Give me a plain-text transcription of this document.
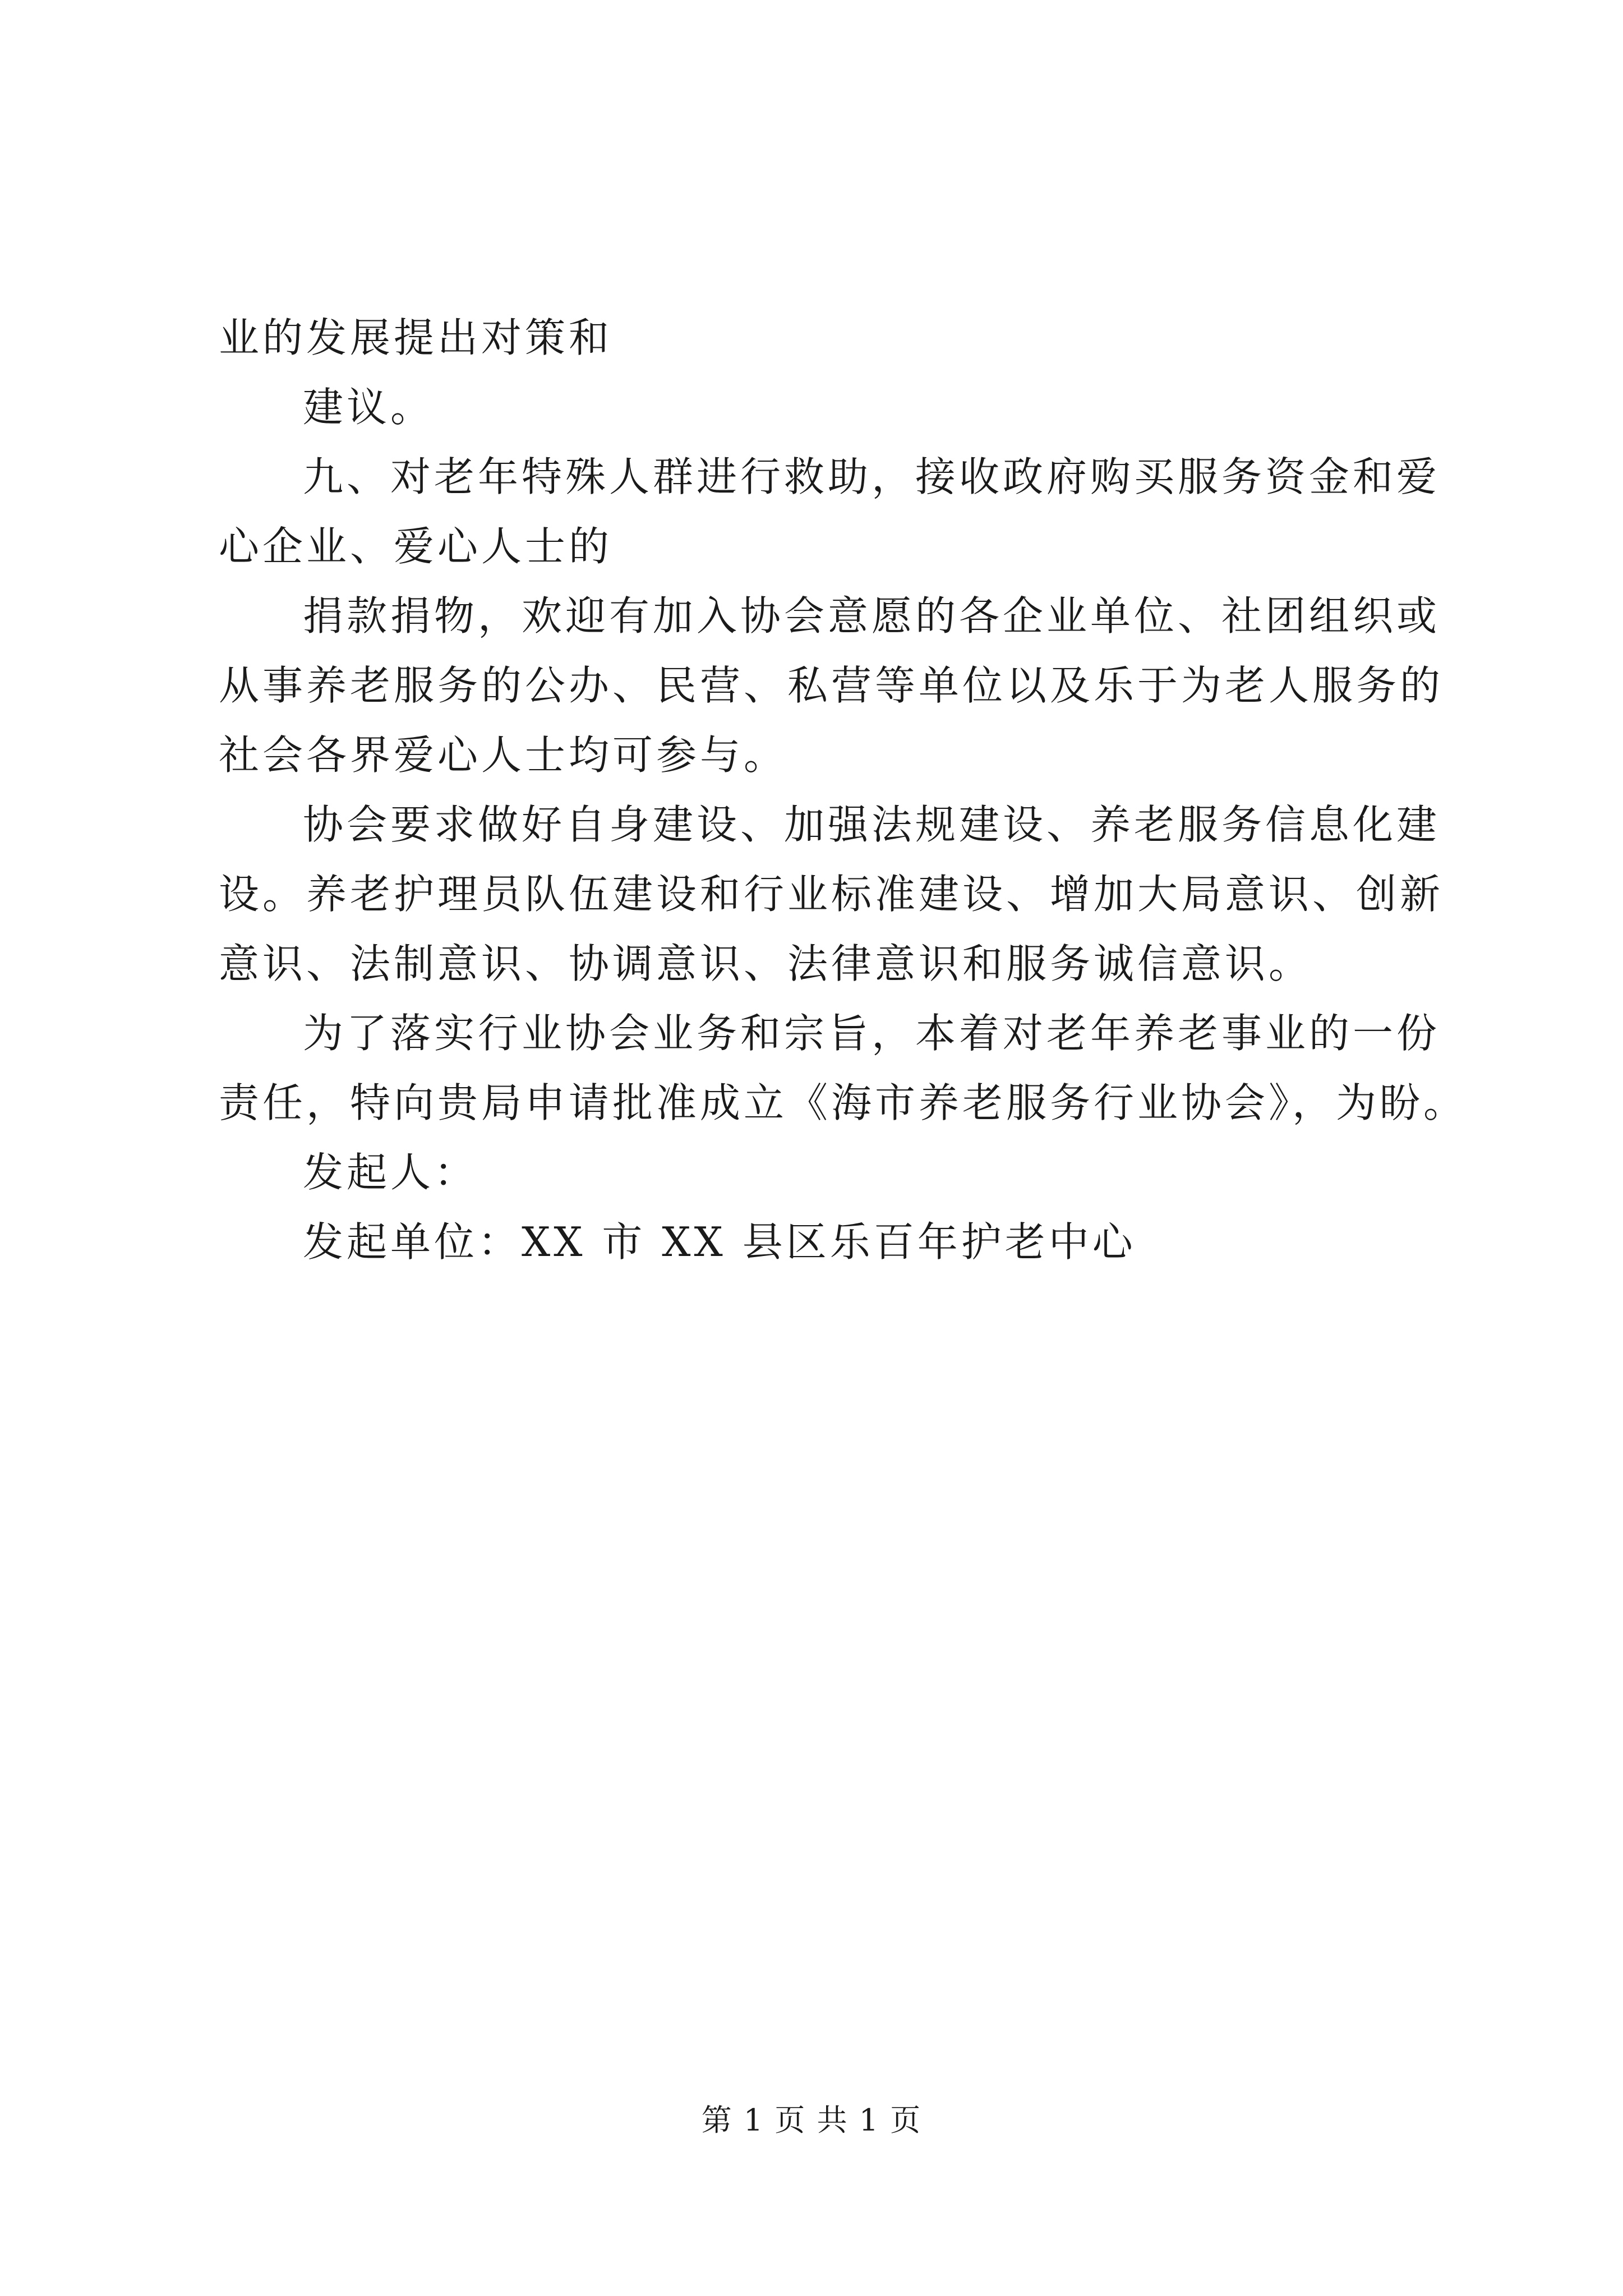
业的发展提出对策和
建议。
九、对老年特殊人群进行救助，接收政府购买服务资金和爱
心企业、爱心人士的
捐款捐物，欢迎有加入协会意愿的各企业单位、社团组织或
从事养老服务的公办、民营、私营等单位以及乐于为老人服务的
社会各界爱心人士均可参与。
协会要求做好自身建设、加强法规建设、养老服务信息化建
设。养老护理员队伍建设和行业标准建设、增加大局意识、创新
意识、法制意识、协调意识、法律意识和服务诚信意识。
为了落实行业协会业务和宗旨，本着对老年养老事业的一份
责任，特向贵局申请批准成立《海市养老服务行业协会》，为盼。
发起人：
发起单位：XX 市 XX 县区乐百年护老中心
第 1 页 共 1 页
